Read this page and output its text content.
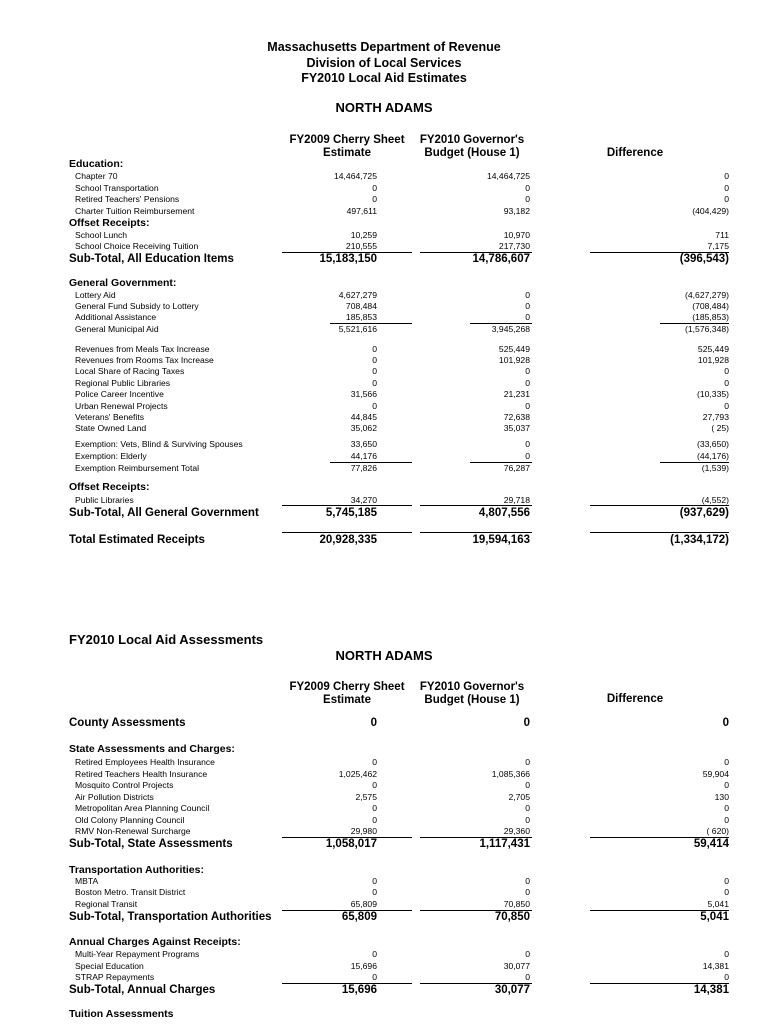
Massachusetts Department of Revenue
Division of Local Services
FY2010 Local Aid Estimates
NORTH ADAMS
FY2009 Cherry Sheet
Estimate
FY2010 Governor's
Budget (House 1)	Difference
Education:
Chapter 70	14,464,725	14,464,725	0
School Transportation	0	0	0
Retired Teachers' Pensions	0	0	0
Charter Tuition Reimbursement	497,611	93,182	(404,429)
Offset Receipts:
School Lunch	10,259	10,970	711
School Choice Receiving Tuition	210,555	217,730	7,175
Sub-Total, All Education Items	15,183,150	14,786,607	(396,543)
General Government:
Lottery Aid	4,627,279	0	(4,627,279)
General Fund Subsidy to Lottery	708,484	0	(708,484)
Additional Assistance	185,853	0	(185,853)
General Municipal Aid	5,521,616	3,945,268	(1,576,348)
Revenues from Meals Tax Increase	0	525,449	525,449
Revenues from Rooms Tax Increase	0	101,928	101,928
Local Share of Racing Taxes	0	0	0
Regional Public Libraries	0	0	0
Police Career Incentive	31,566	21,231	(10,335)
Urban Renewal Projects	0	0	0
Veterans' Benefits	44,845	72,638	27,793
State Owned Land	35,062	35,037	( 25)
Exemption: Vets, Blind & Surviving Spouses	33,650	0	(33,650)
Exemption: Elderly	44,176	0	(44,176)
Exemption Reimbursement Total	77,826	76,287	(1,539)
Offset Receipts:
Public Libraries	34,270	29,718	(4,552)
Sub-Total, All General Government	5,745,185	4,807,556	(937,629)
Total Estimated Receipts	20,928,335	19,594,163	(1,334,172)
FY2010 Local Aid Assessments
NORTH ADAMS
FY2009 Cherry Sheet
Estimate
FY2010 Governor's
Budget (House 1)	Difference
County Assessments	0	0	0
State Assessments and Charges:
Retired Employees Health Insurance	0	0	0
Retired Teachers Health Insurance	1,025,462	1,085,366	59,904
Mosquito Control Projects	0	0	0
Air Pollution Districts	2,575	2,705	130
Metropolitan Area Planning Council	0	0	0
Old Colony Planning Council	0	0	0
RMV Non-Renewal Surcharge	29,980	29,360	( 620)
Sub-Total, State Assessments	1,058,017	1,117,431	59,414
Transportation Authorities:
MBTA	0	0	0
Boston Metro. Transit District	0	0	0
Regional Transit	65,809	70,850	5,041
Sub-Total, Transportation Authorities	65,809	70,850	5,041
Annual Charges Against Receipts:
Multi-Year Repayment Programs	0	0	0
Special Education	15,696	30,077	14,381
STRAP Repayments	0	0	0
Sub-Total, Annual Charges	15,696	30,077	14,381
Tuition Assessments
